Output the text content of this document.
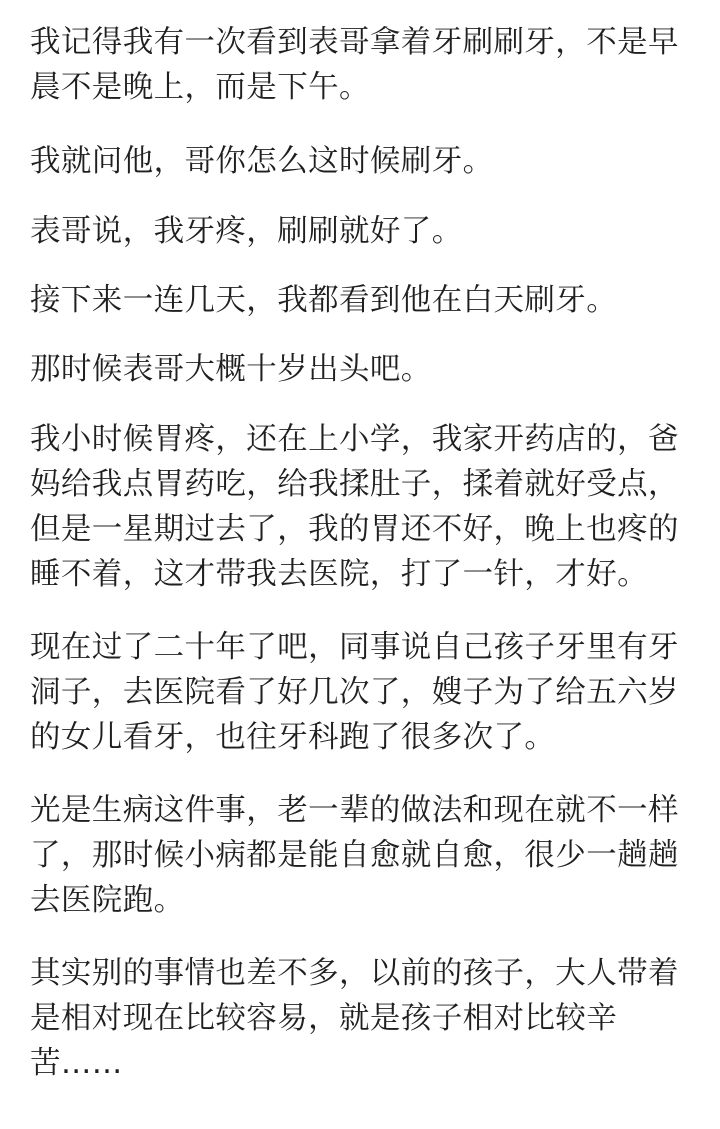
我记得我有一次看到表哥拿着牙刷刷牙，不是早
晨不是晚上，而是下午。

我就问他，哥你怎么这时候刷牙。

表哥说，我牙疼，刷刷就好了。

接下来一连几天，我都看到他在白天刷牙。

那时候表哥大概十岁出头吧。

我小时候胃疼，还在上小学，我家开药店的，爸
妈给我点胃药吃，给我揉肚子，揉着就好受点，
但是一星期过去了，我的胃还不好，晚上也疼的
睡不着，这才带我去医院，打了一针，才好。

现在过了二十年了吧，同事说自己孩子牙里有牙
洞子，去医院看了好几次了，嫂子为了给五六岁
的女儿看牙，也往牙科跑了很多次了。

光是生病这件事，老一辈的做法和现在就不一样
了，那时候小病都是能自愈就自愈，很少一趟趟
去医院跑。

其实别的事情也差不多，以前的孩子，大人带着
是相对现在比较容易，就是孩子相对比较辛
苦……
